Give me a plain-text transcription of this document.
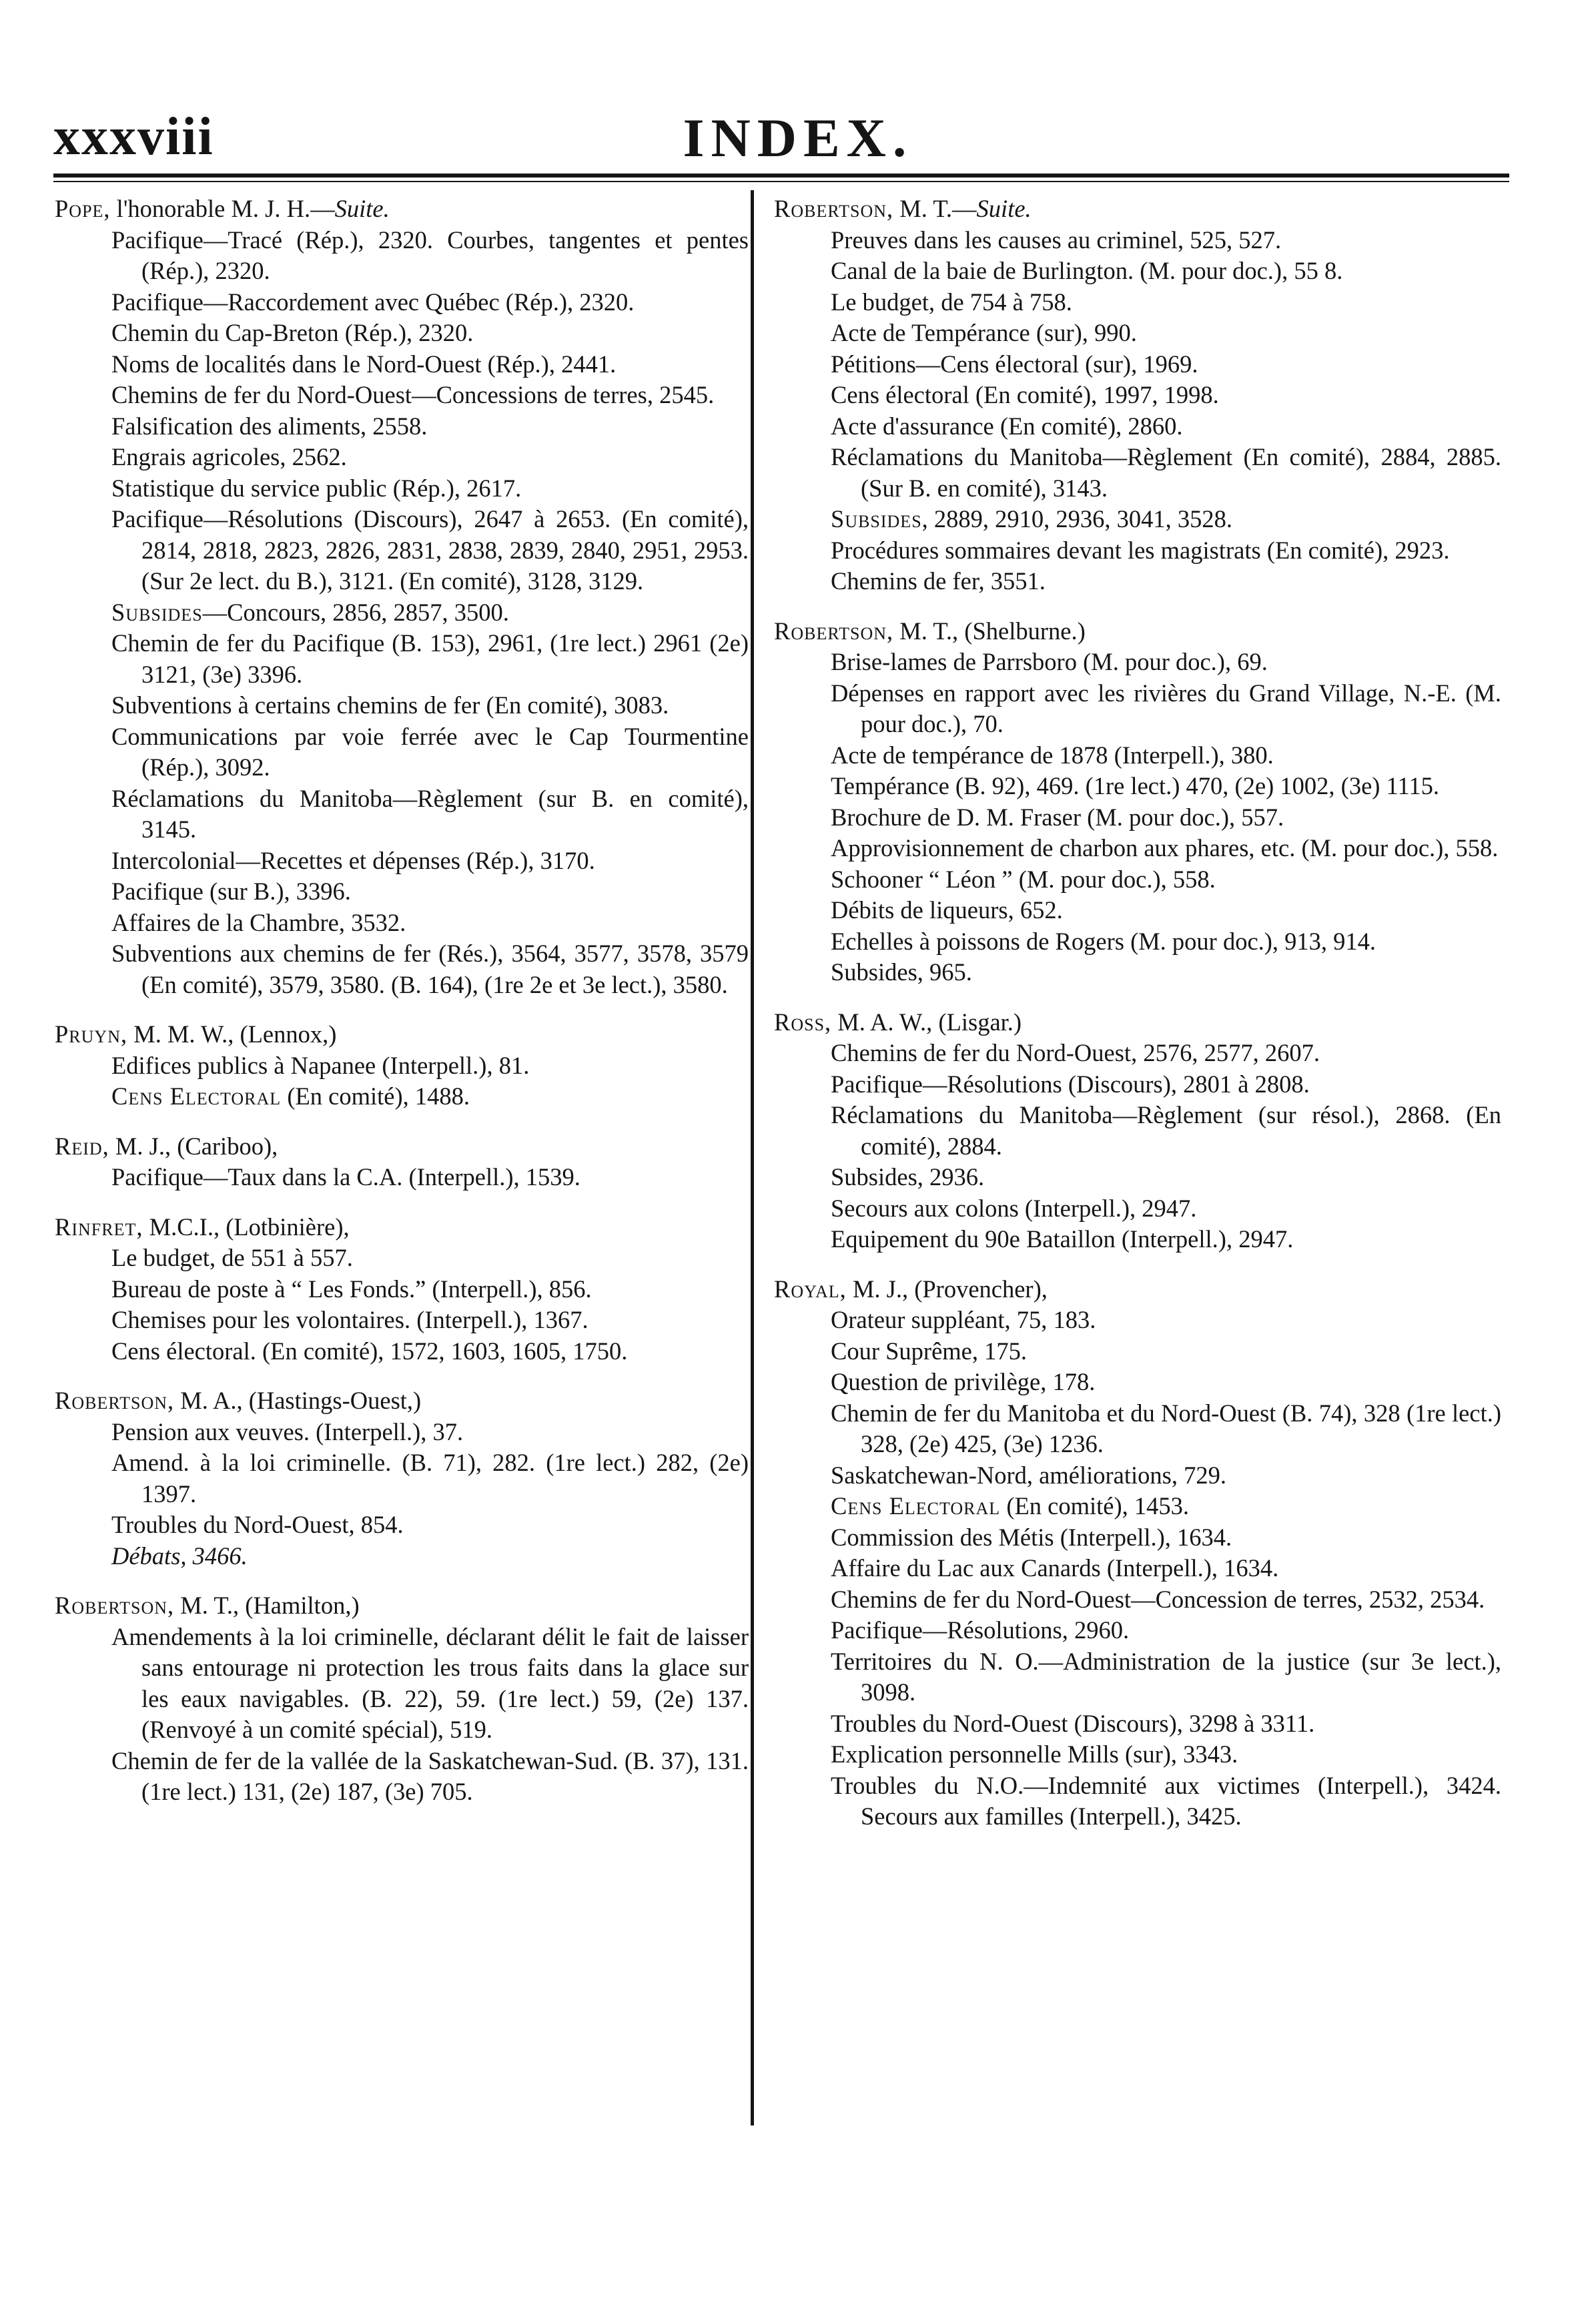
xxxviii	INDEX.

Pope, l'honorable M. J. H.—Suite.

Pacifique—Tracé (Rép.), 2320. Courbes, tangentes et pentes (Rép.), 2320.

Pacifique—Raccordement avec Québec (Rép.), 2320.

Chemin du Cap-Breton (Rép.), 2320.

Noms de localités dans le Nord-Ouest (Rép.), 2441.

Chemins de fer du Nord-Ouest—Concessions de terres, 2545.

Falsification des aliments, 2558.

Engrais agricoles, 2562.

Statistique du service public (Rép.), 2617.

Pacifique—Résolutions (Discours), 2647 à 2653. (En comité), 2814, 2818, 2823, 2826, 2831, 2838, 2839, 2840, 2951, 2953. (Sur 2e lect. du B.), 3121. (En comité), 3128, 3129.

Subsides—Concours, 2856, 2857, 3500.

Chemin de fer du Pacifique (B. 153), 2961, (1re lect.) 2961 (2e) 3121, (3e) 3396.

Subventions à certains chemins de fer (En comité), 3083.

Communications par voie ferrée avec le Cap Tourmentine (Rép.), 3092.

Réclamations du Manitoba—Règlement (sur B. en comité), 3145.

Intercolonial—Recettes et dépenses (Rép.), 3170.

Pacifique (sur B.), 3396.

Affaires de la Chambre, 3532.

Subventions aux chemins de fer (Rés.), 3564, 3577, 3578, 3579 (En comité), 3579, 3580. (B. 164), (1re 2e et 3e lect.), 3580.

Pruyn, M. M. W., (Lennox,)

Edifices publics à Napanee (Interpell.), 81.

Cens Electoral (En comité), 1488.

Reid, M. J., (Cariboo),

Pacifique—Taux dans la C.A. (Interpell.), 1539.

Rinfret, M.C.I., (Lotbinière),

Le budget, de 551 à 557.

Bureau de poste à “ Les Fonds.” (Interpell.), 856.

Chemises pour les volontaires. (Interpell.), 1367.

Cens électoral. (En comité), 1572, 1603, 1605, 1750.

Robertson, M. A., (Hastings-Ouest,)

Pension aux veuves. (Interpell.), 37.

Amend. à la loi criminelle. (B. 71), 282. (1re lect.) 282, (2e) 1397.

Troubles du Nord-Ouest, 854.

Débats, 3466.

Robertson, M. T., (Hamilton,)

Amendements à la loi criminelle, déclarant délit le fait de laisser sans entourage ni protection les trous faits dans la glace sur les eaux navigables. (B. 22), 59. (1re lect.) 59, (2e) 137. (Renvoyé à un comité spécial), 519.

Chemin de fer de la vallée de la Saskatchewan-Sud. (B. 37), 131. (1re lect.) 131, (2e) 187, (3e) 705.

Robertson, M. T.—Suite.

Preuves dans les causes au criminel, 525, 527.

Canal de la baie de Burlington. (M. pour doc.), 55 8.

Le budget, de 754 à 758.

Acte de Tempérance (sur), 990.

Pétitions—Cens électoral (sur), 1969.

Cens électoral (En comité), 1997, 1998.

Acte d'assurance (En comité), 2860.

Réclamations du Manitoba—Règlement (En comité), 2884, 2885. (Sur B. en comité), 3143.

Subsides, 2889, 2910, 2936, 3041, 3528.

Procédures sommaires devant les magistrats (En comité), 2923.

Chemins de fer, 3551.

Robertson, M. T., (Shelburne.)

Brise-lames de Parrsboro (M. pour doc.), 69.

Dépenses en rapport avec les rivières du Grand Village, N.-E. (M. pour doc.), 70.

Acte de tempérance de 1878 (Interpell.), 380.

Tempérance (B. 92), 469. (1re lect.) 470, (2e) 1002, (3e) 1115.

Brochure de D. M. Fraser (M. pour doc.), 557.

Approvisionnement de charbon aux phares, etc. (M. pour doc.), 558.

Schooner “ Léon ” (M. pour doc.), 558.

Débits de liqueurs, 652.

Echelles à poissons de Rogers (M. pour doc.), 913, 914.

Subsides, 965.

Ross, M. A. W., (Lisgar.)

Chemins de fer du Nord-Ouest, 2576, 2577, 2607.

Pacifique—Résolutions (Discours), 2801 à 2808.

Réclamations du Manitoba—Règlement (sur résol.), 2868. (En comité), 2884.

Subsides, 2936.

Secours aux colons (Interpell.), 2947.

Equipement du 90e Bataillon (Interpell.), 2947.

Royal, M. J., (Provencher),

Orateur suppléant, 75, 183.

Cour Suprême, 175.

Question de privilège, 178.

Chemin de fer du Manitoba et du Nord-Ouest (B. 74), 328 (1re lect.) 328, (2e) 425, (3e) 1236.

Saskatchewan-Nord, améliorations, 729.

Cens Electoral (En comité), 1453.

Commission des Métis (Interpell.), 1634.

Affaire du Lac aux Canards (Interpell.), 1634.

Chemins de fer du Nord-Ouest—Concession de terres, 2532, 2534.

Pacifique—Résolutions, 2960.

Territoires du N. O.—Administration de la justice (sur 3e lect.), 3098.

Troubles du Nord-Ouest (Discours), 3298 à 3311.

Explication personnelle Mills (sur), 3343.

Troubles du N.O.—Indemnité aux victimes (Interpell.), 3424. Secours aux familles (Interpell.), 3425.
